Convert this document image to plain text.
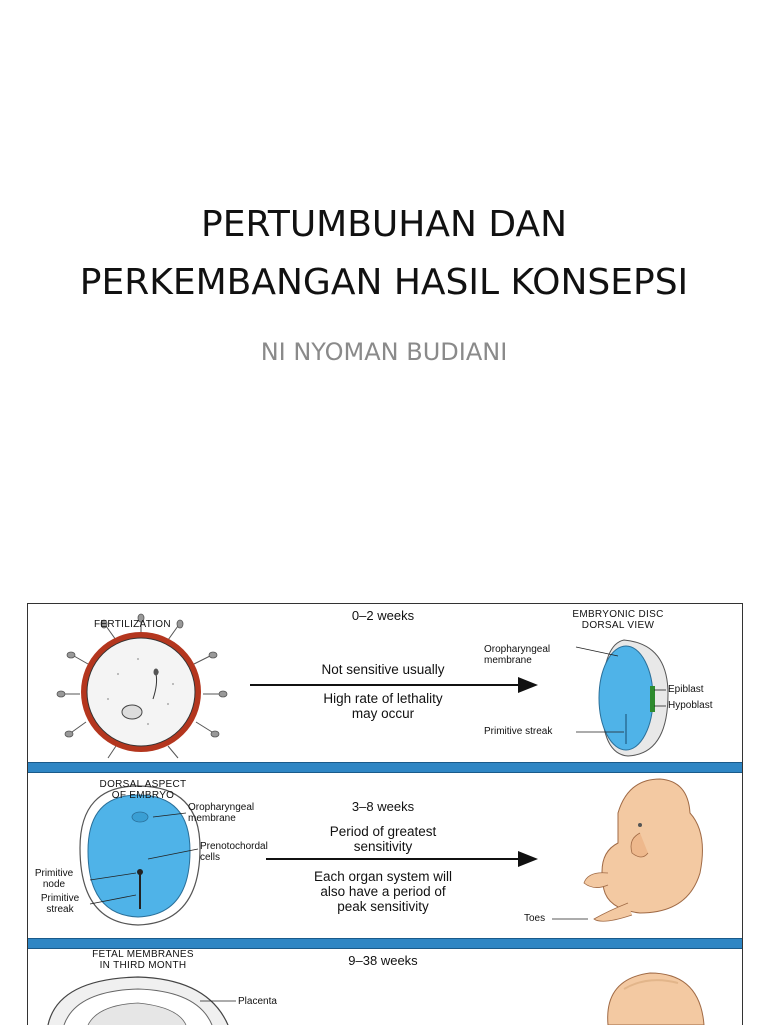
PERTUMBUHAN DAN
PERKEMBANGAN HASIL KONSEPSI
NI NYOMAN BUDIANI
FERTILIZATION
0–2 weeks	EMBRYONIC DISC
DORSAL VIEW
Not sensitive usually
High rate of lethality
may occur
Oropharyngeal
membrane
Epiblast
Hypoblast
Primitive streak
DORSAL ASPECT
OF EMBRYO
3–8 weeks
Period of greatest
sensitivity
Each organ system will
also have a period of
peak sensitivity
Oropharyngeal
membrane
Prenotochordal
cells
Primitive
node
Primitive
streak
Toes
FETAL MEMBRANES
IN THIRD MONTH	9–38 weeks
Placenta
